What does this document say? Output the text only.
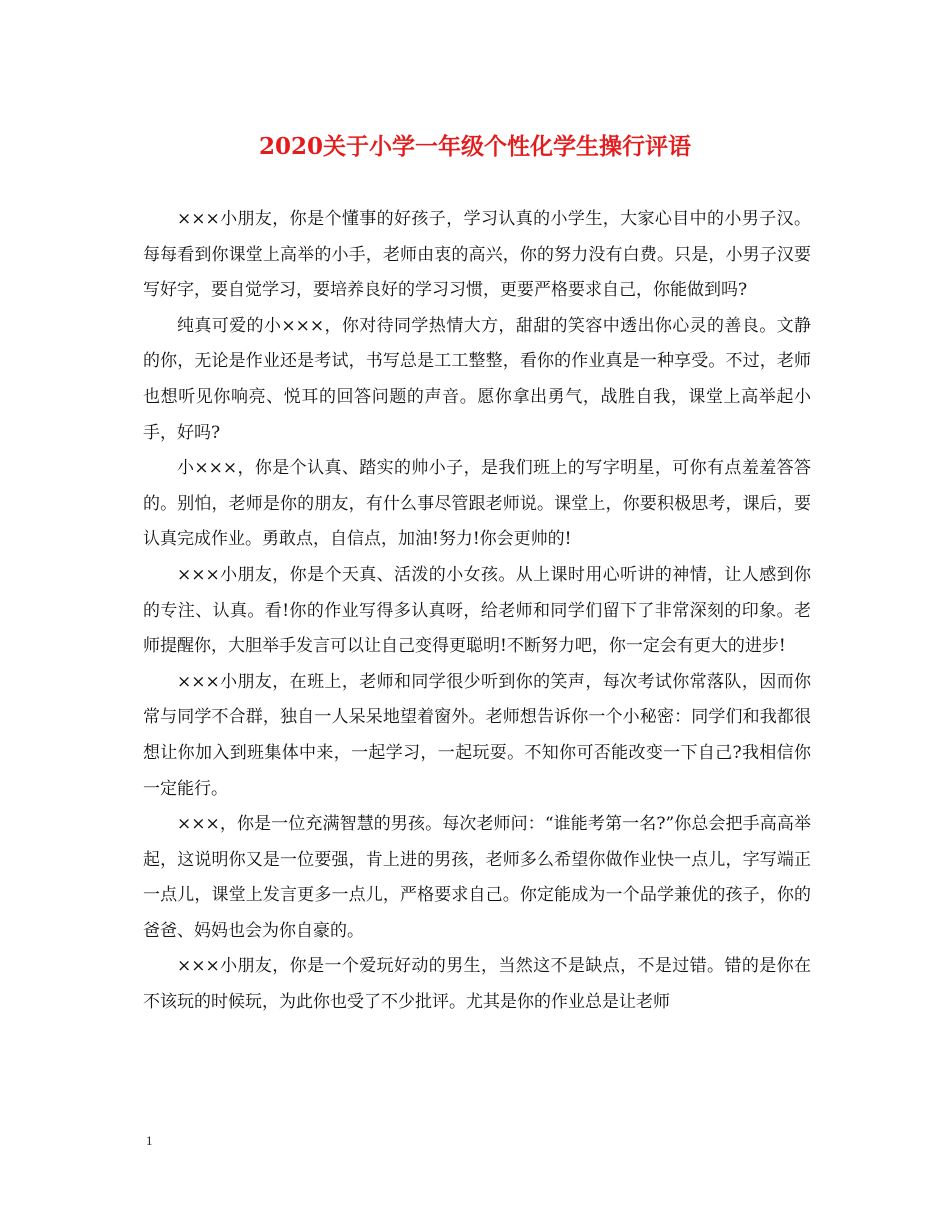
2020关于小学一年级个性化学生操行评语

×××小朋友，你是个懂事的好孩子，学习认真的小学生，大家心目中的小男子汉。每每看到你课堂上高举的小手，老师由衷的高兴，你的努力没有白费。只是，小男子汉要写好字，要自觉学习，要培养良好的学习习惯，更要严格要求自己，你能做到吗?

纯真可爱的小×××，你对待同学热情大方，甜甜的笑容中透出你心灵的善良。文静的你，无论是作业还是考试，书写总是工工整整，看你的作业真是一种享受。不过，老师也想听见你响亮、悦耳的回答问题的声音。愿你拿出勇气，战胜自我，课堂上高举起小手，好吗?

小×××，你是个认真、踏实的帅小子，是我们班上的写字明星，可你有点羞羞答答的。别怕，老师是你的朋友，有什么事尽管跟老师说。课堂上，你要积极思考，课后，要认真完成作业。勇敢点，自信点，加油!努力!你会更帅的!

×××小朋友，你是个天真、活泼的小女孩。从上课时用心听讲的神情，让人感到你的专注、认真。看!你的作业写得多认真呀，给老师和同学们留下了非常深刻的印象。老师提醒你，大胆举手发言可以让自己变得更聪明!不断努力吧，你一定会有更大的进步!

×××小朋友，在班上，老师和同学很少听到你的笑声，每次考试你常落队，因而你常与同学不合群，独自一人呆呆地望着窗外。老师想告诉你一个小秘密：同学们和我都很想让你加入到班集体中来，一起学习，一起玩耍。不知你可否能改变一下自己?我相信你一定能行。

×××，你是一位充满智慧的男孩。每次老师问：“谁能考第一名?”你总会把手高高举起，这说明你又是一位要强，肯上进的男孩，老师多么希望你做作业快一点儿，字写端正一点儿，课堂上发言更多一点儿，严格要求自己。你定能成为一个品学兼优的孩子，你的爸爸、妈妈也会为你自豪的。

×××小朋友，你是一个爱玩好动的男生，当然这不是缺点，不是过错。错的是你在不该玩的时候玩，为此你也受了不少批评。尤其是你的作业总是让老师

1
